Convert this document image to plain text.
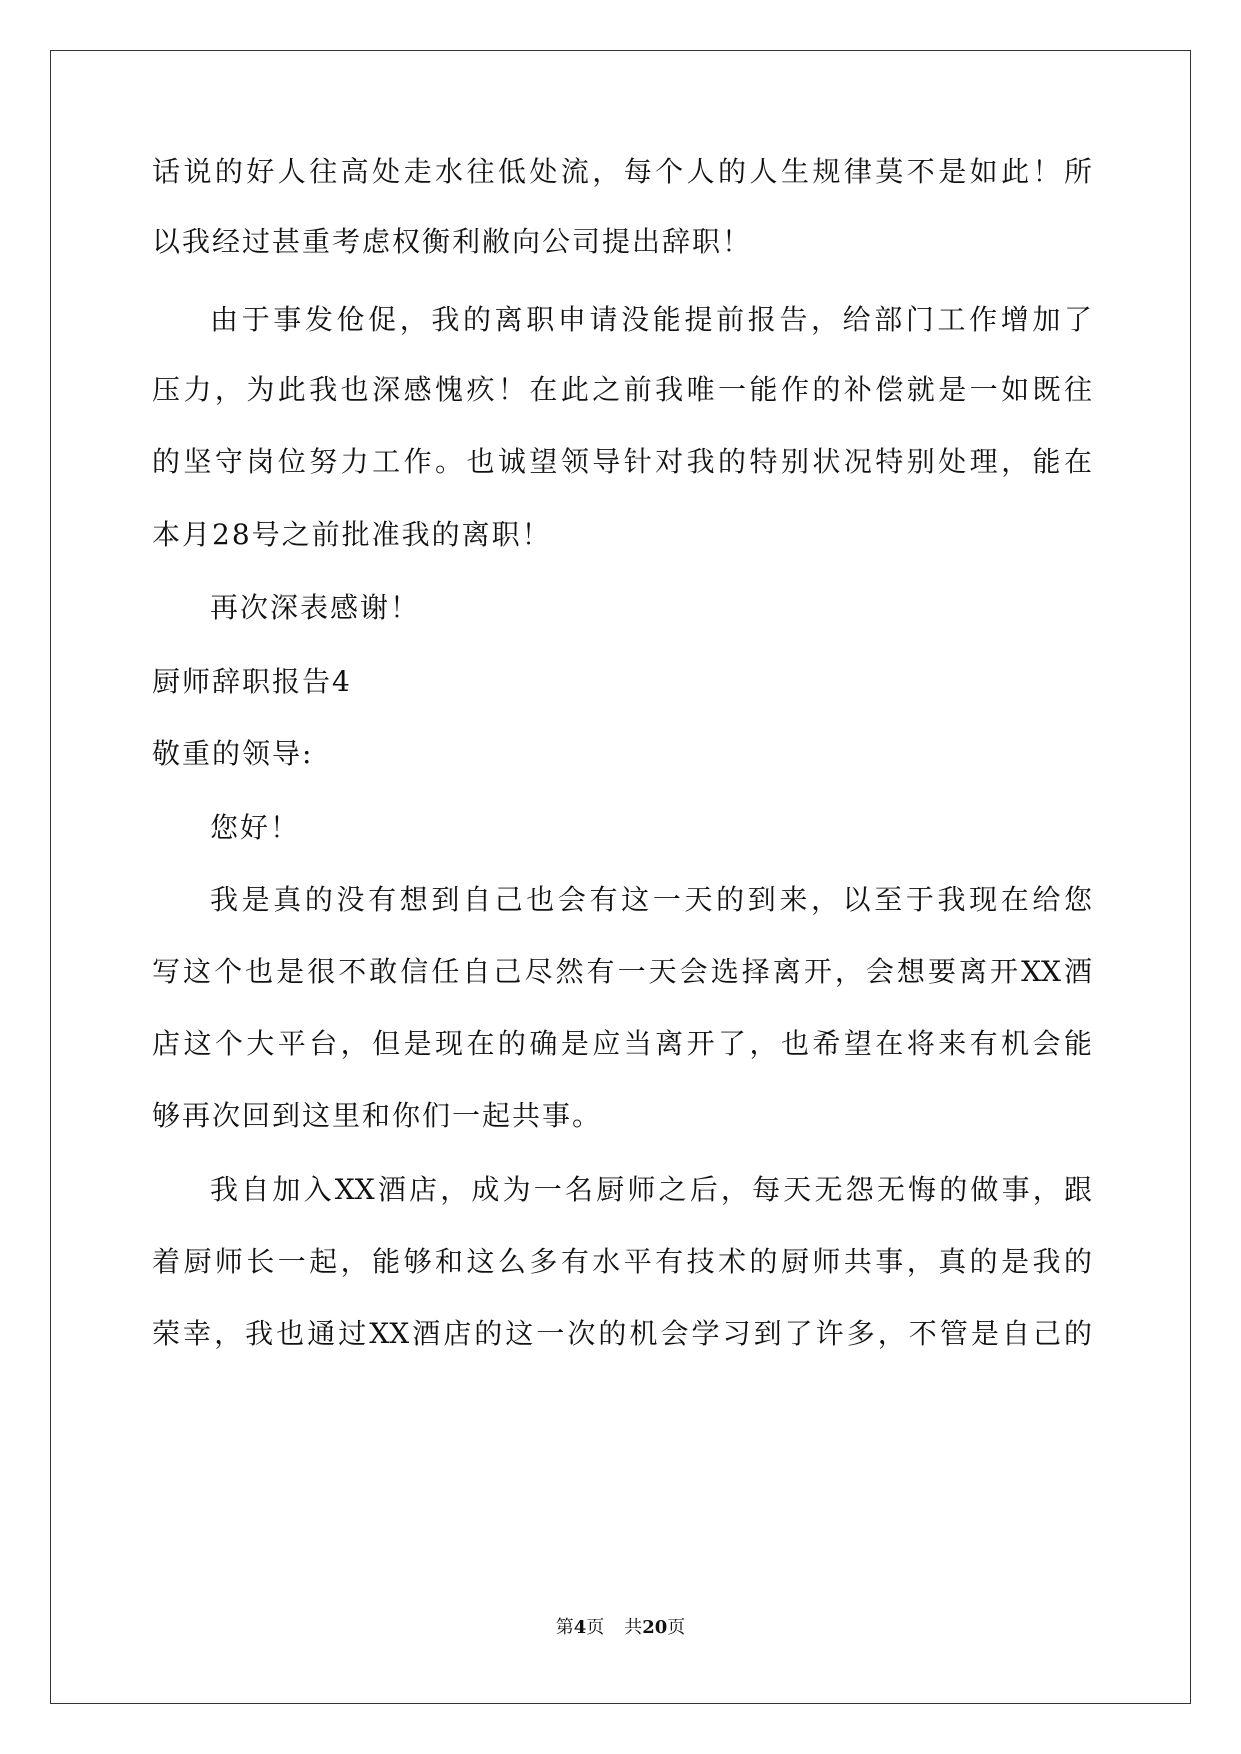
话说的好人往高处走水往低处流，每个人的人生规律莫不是如此！所
以我经过甚重考虑权衡利敝向公司提出辞职！
由于事发伧促，我的离职申请没能提前报告，给部门工作增加了
压力，为此我也深感愧疚！在此之前我唯一能作的补偿就是一如既往
的坚守岗位努力工作。也诚望领导针对我的特别状况特别处理，能在
本月28号之前批准我的离职！
再次深表感谢！
厨师辞职报告4
敬重的领导:
您好！
我是真的没有想到自己也会有这一天的到来，以至于我现在给您
写这个也是很不敢信任自己尽然有一天会选择离开，会想要离开XX酒
店这个大平台，但是现在的确是应当离开了，也希望在将来有机会能
够再次回到这里和你们一起共事。
我自加入XX酒店，成为一名厨师之后，每天无怨无悔的做事，跟
着厨师长一起，能够和这么多有水平有技术的厨师共事，真的是我的
荣幸，我也通过XX酒店的这一次的机会学习到了许多，不管是自己的
第4页 共20页
